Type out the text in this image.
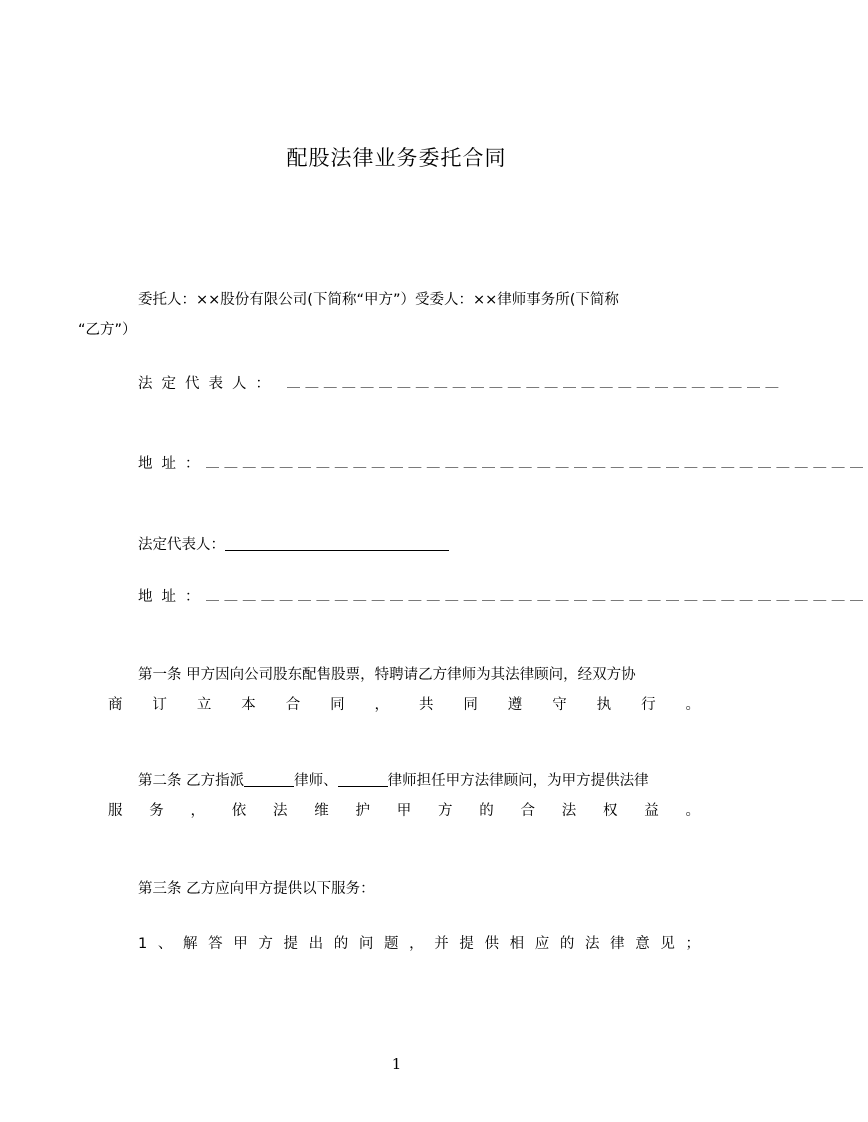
配股法律业务委托合同
委托人：××股份有限公司(下简称“甲方”）受委人：××律师事务所(下简称
“乙方”）
法定代表人： ＿＿＿＿＿＿＿＿＿＿＿＿＿＿＿＿＿＿＿＿＿＿＿＿＿＿＿
地址：
＿＿＿＿＿＿＿＿＿＿＿＿＿＿＿＿＿＿＿＿＿＿＿＿＿＿＿＿＿＿＿＿＿＿＿＿
法定代表人：
地址：
＿＿＿＿＿＿＿＿＿＿＿＿＿＿＿＿＿＿＿＿＿＿＿＿＿＿＿＿＿＿＿＿＿＿＿＿
第一条 甲方因向公司股东配售股票，特聘请乙方律师为其法律顾问，经双方协
商 订 立 本 合 同 ， 共 同 遵 守 执 行 。
第二条 乙方指派	律师、	律师担任甲方法律顾问，为甲方提供法律
服 务 ， 依 法 维 护 甲 方 的 合 法 权 益 。
第三条 乙方应向甲方提供以下服务：
1 、 解 答 甲 方 提 出 的 问 题 ， 并 提 供 相 应 的 法 律 意 见 ；
1
